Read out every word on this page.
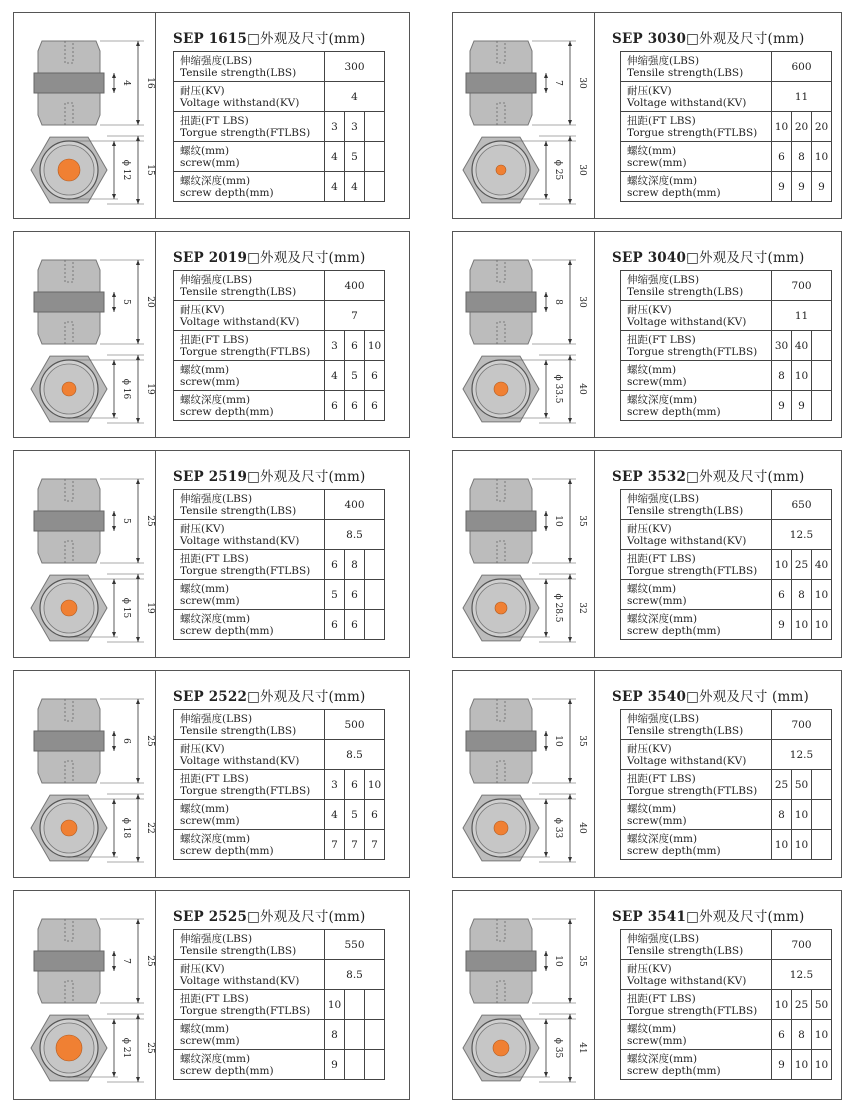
4 16
ϕ 12 15
SEP 1615□外观及尺寸(mm)
伸缩强度(LBS)
Tensile strength(LBS)	300		

耐压(KV)
Voltage withstand(KV)	4		

扭距(FT LBS)
Torgue strength(FTLBS)	3	3	

螺纹(mm)
screw(mm)	4	5	

螺纹深度(mm)
screw depth(mm)	4	4	
7 30
ϕ 25 30
SEP 3030□外观及尺寸(mm)
伸缩强度(LBS)
Tensile strength(LBS)	600		

耐压(KV)
Voltage withstand(KV)	11		

扭距(FT LBS)
Torgue strength(FTLBS)	10	20	20

螺纹(mm)
screw(mm)	6	8	10

螺纹深度(mm)
screw depth(mm)	9	9	9
5 20
ϕ 16 19
SEP 2019□外观及尺寸(mm)
伸缩强度(LBS)
Tensile strength(LBS)	400		

耐压(KV)
Voltage withstand(KV)	7		

扭距(FT LBS)
Torgue strength(FTLBS)	3	6	10

螺纹(mm)
screw(mm)	4	5	6

螺纹深度(mm)
screw depth(mm)	6	6	6
8 30
ϕ 33.5 40
SEP 3040□外观及尺寸(mm)
伸缩强度(LBS)
Tensile strength(LBS)	700		

耐压(KV)
Voltage withstand(KV)	11		

扭距(FT LBS)
Torgue strength(FTLBS)	30	40	

螺纹(mm)
screw(mm)	8	10	

螺纹深度(mm)
screw depth(mm)	9	9	
5 25
ϕ 15 19
SEP 2519□外观及尺寸(mm)
伸缩强度(LBS)
Tensile strength(LBS)	400		

耐压(KV)
Voltage withstand(KV)	8.5		

扭距(FT LBS)
Torgue strength(FTLBS)	6	8	

螺纹(mm)
screw(mm)	5	6	

螺纹深度(mm)
screw depth(mm)	6	6	
10 35
ϕ 28.5 32
SEP 3532□外观及尺寸(mm)
伸缩强度(LBS)
Tensile strength(LBS)	650		

耐压(KV)
Voltage withstand(KV)	12.5		

扭距(FT LBS)
Torgue strength(FTLBS)	10	25	40

螺纹(mm)
screw(mm)	6	8	10

螺纹深度(mm)
screw depth(mm)	9	10	10
6 25
ϕ 18 22
SEP 2522□外观及尺寸(mm)
伸缩强度(LBS)
Tensile strength(LBS)	500		

耐压(KV)
Voltage withstand(KV)	8.5		

扭距(FT LBS)
Torgue strength(FTLBS)	3	6	10

螺纹(mm)
screw(mm)	4	5	6

螺纹深度(mm)
screw depth(mm)	7	7	7
10 35
ϕ 33 40
SEP 3540□外观及尺寸 (mm)
伸缩强度(LBS)
Tensile strength(LBS)	700		

耐压(KV)
Voltage withstand(KV)	12.5		

扭距(FT LBS)
Torgue strength(FTLBS)	25	50	

螺纹(mm)
screw(mm)	8	10	

螺纹深度(mm)
screw depth(mm)	10	10	
7 25
ϕ 21 25
SEP 2525□外观及尺寸(mm)
伸缩强度(LBS)
Tensile strength(LBS)	550		

耐压(KV)
Voltage withstand(KV)	8.5		

扭距(FT LBS)
Torgue strength(FTLBS)	10		

螺纹(mm)
screw(mm)	8		

螺纹深度(mm)
screw depth(mm)	9		
10 35
ϕ 35 41
SEP 3541□外观及尺寸(mm)
伸缩强度(LBS)
Tensile strength(LBS)	700		

耐压(KV)
Voltage withstand(KV)	12.5		

扭距(FT LBS)
Torgue strength(FTLBS)	10	25	50

螺纹(mm)
screw(mm)	6	8	10

螺纹深度(mm)
screw depth(mm)	9	10	10
